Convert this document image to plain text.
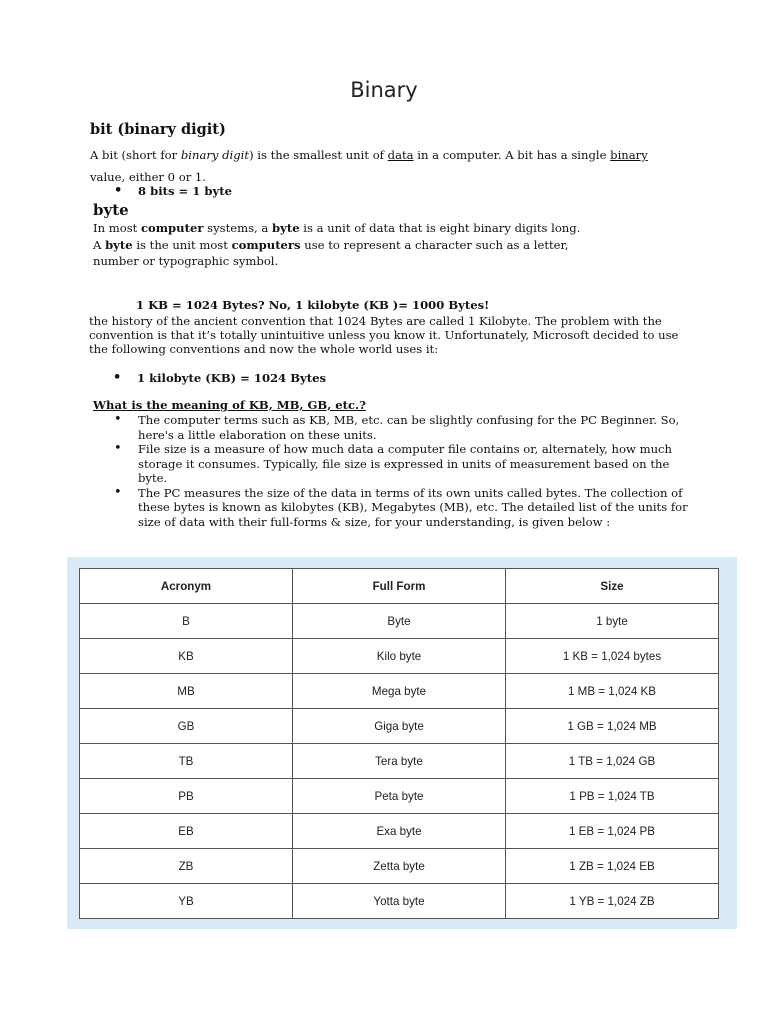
Binary
bit (binary digit)
A bit (short for binary digit) is the smallest unit of data in a computer. A bit has a single binary value, either 0 or 1.
• 8 bits = 1 byte
byte
In most computer systems, a byte is a unit of data that is eight binary digits long.
A byte is the unit most computers use to represent a character such as a letter,
number or typographic symbol.
1 KB = 1024 Bytes? No, 1 kilobyte (KB )= 1000 Bytes!
the history of the ancient convention that 1024 Bytes are called 1 Kilobyte. The problem with the convention is that it’s totally unintuitive unless you know it. Unfortunately, Microsoft decided to use the following conventions and now the whole world uses it:
• 1 kilobyte (KB) = 1024 Bytes
What is the meaning of KB, MB, GB, etc.?
• The computer terms such as KB, MB, etc. can be slightly confusing for the PC Beginner. So, here's a little elaboration on these units.
• File size is a measure of how much data a computer file contains or, alternately, how much storage it consumes. Typically, file size is expressed in units of measurement based on the byte.
• The PC measures the size of the data in terms of its own units called bytes. The collection of these bytes is known as kilobytes (KB), Megabytes (MB), etc. The detailed list of the units for size of data with their full-forms & size, for your understanding, is given below :
Acronym	Full Form	Size
B	Byte	1 byte
KB	Kilo byte	1 KB = 1,024 bytes
MB	Mega byte	1 MB = 1,024 KB
GB	Giga byte	1 GB = 1,024 MB
TB	Tera byte	1 TB = 1,024 GB
PB	Peta byte	1 PB = 1,024 TB
EB	Exa byte	1 EB = 1,024 PB
ZB	Zetta byte	1 ZB = 1,024 EB
YB	Yotta byte	1 YB = 1,024 ZB
